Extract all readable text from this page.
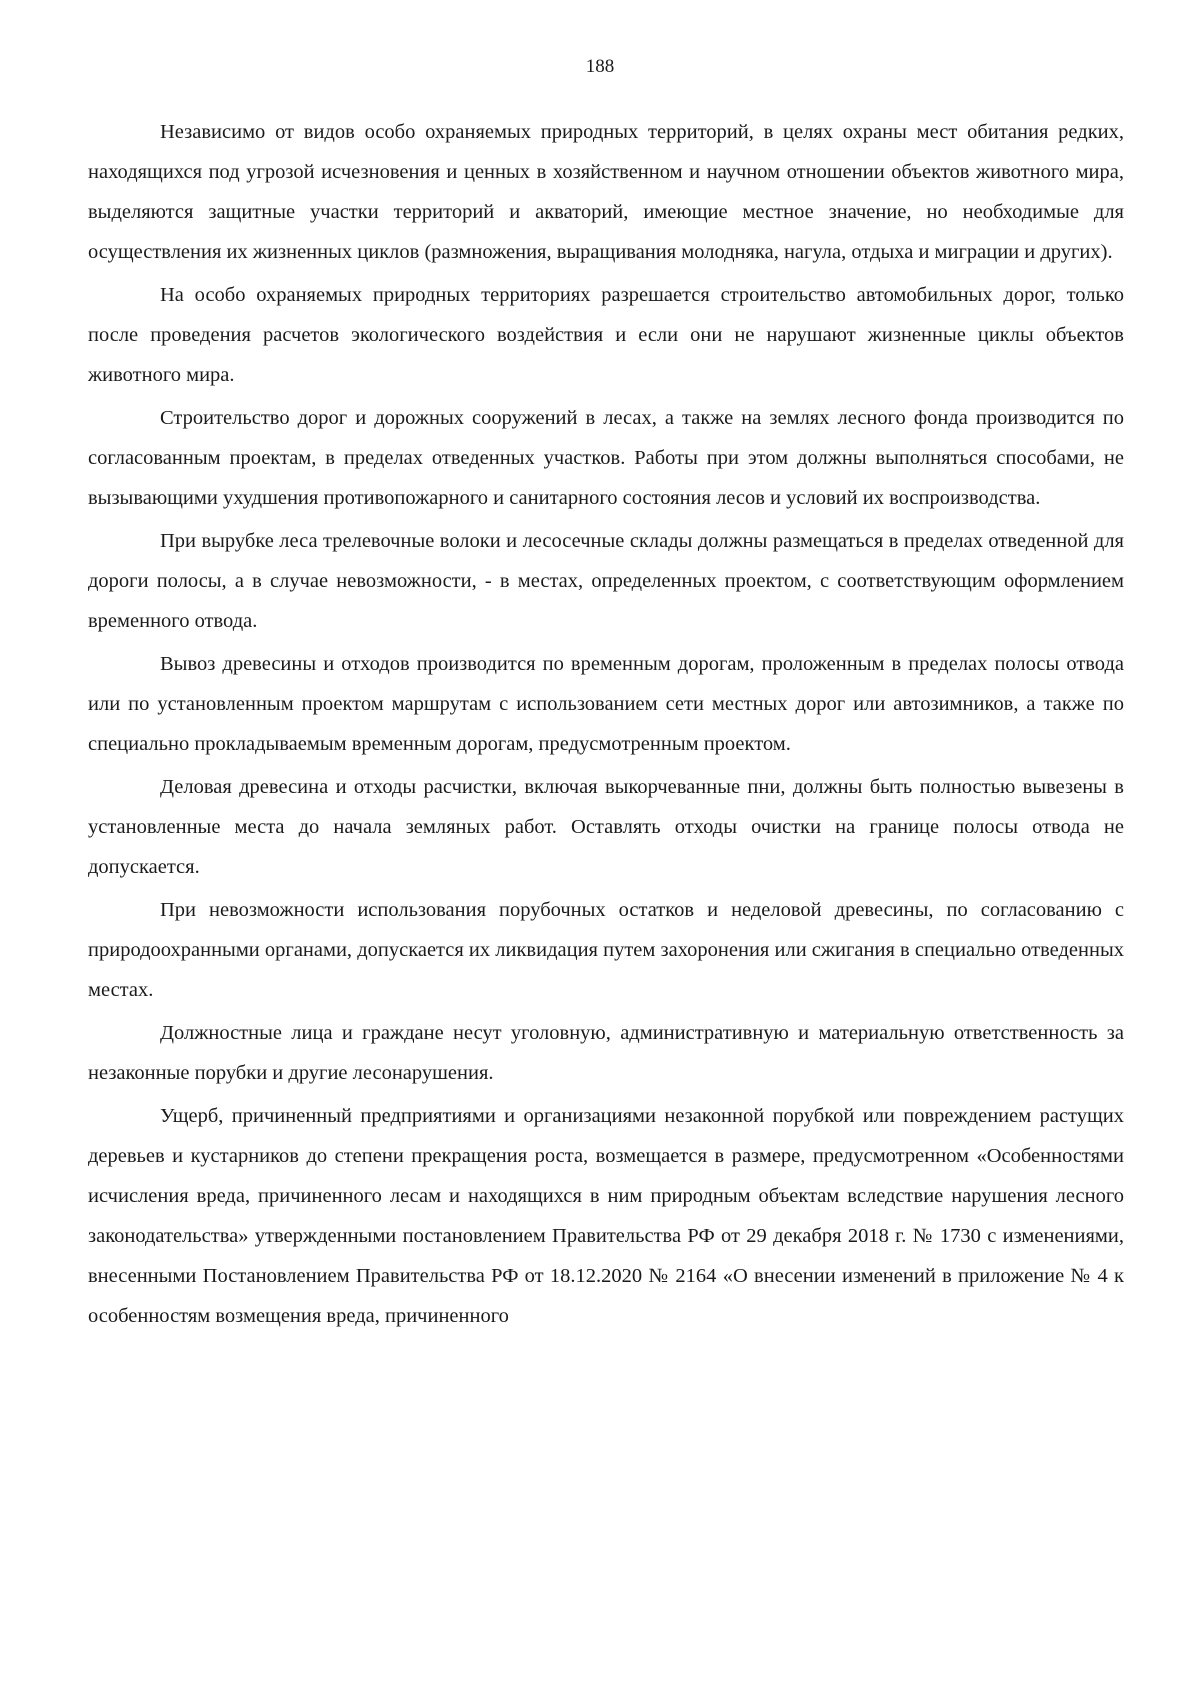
188

Независимо от видов особо охраняемых природных территорий, в целях охраны мест обитания редких, находящихся под угрозой исчезновения и ценных в хозяйственном и научном отношении объектов животного мира, выделяются защитные участки территорий и акваторий, имеющие местное значение, но необходимые для осуществления их жизненных циклов (размножения, выращивания молодняка, нагула, отдыха и миграции и других).

На особо охраняемых природных территориях разрешается строительство автомобильных дорог, только после проведения расчетов экологического воздействия и если они не нарушают жизненные циклы объектов животного мира.

Строительство дорог и дорожных сооружений в лесах, а также на землях лесного фонда производится по согласованным проектам, в пределах отведенных участков. Работы при этом должны выполняться способами, не вызывающими ухудшения противопожарного и санитарного состояния лесов и условий их воспроизводства.

При вырубке леса трелевочные волоки и лесосечные склады должны размещаться в пределах отведенной для дороги полосы, а в случае невозможности, - в местах, определенных проектом, с соответствующим оформлением временного отвода.

Вывоз древесины и отходов производится по временным дорогам, проложенным в пределах полосы отвода или по установленным проектом маршрутам с использованием сети местных дорог или автозимников, а также по специально прокладываемым временным дорогам, предусмотренным проектом.

Деловая древесина и отходы расчистки, включая выкорчеванные пни, должны быть полностью вывезены в установленные места до начала земляных работ. Оставлять отходы очистки на границе полосы отвода не допускается.

При невозможности использования порубочных остатков и неделовой древесины, по согласованию с природоохранными органами, допускается их ликвидация путем захоронения или сжигания в специально отведенных местах.

Должностные лица и граждане несут уголовную, административную и материальную ответственность за незаконные порубки и другие лесонарушения.

Ущерб, причиненный предприятиями и организациями незаконной порубкой или повреждением растущих деревьев и кустарников до степени прекращения роста, возмещается в размере, предусмотренном «Особенностями исчисления вреда, причиненного лесам и находящихся в ним природным объектам вследствие нарушения лесного законодательства» утвержденными постановлением Правительства РФ от 29 декабря 2018 г. № 1730 с изменениями, внесенными Постановлением Правительства РФ от 18.12.2020 № 2164 «О внесении изменений в приложение № 4 к особенностям возмещения вреда, причиненного
